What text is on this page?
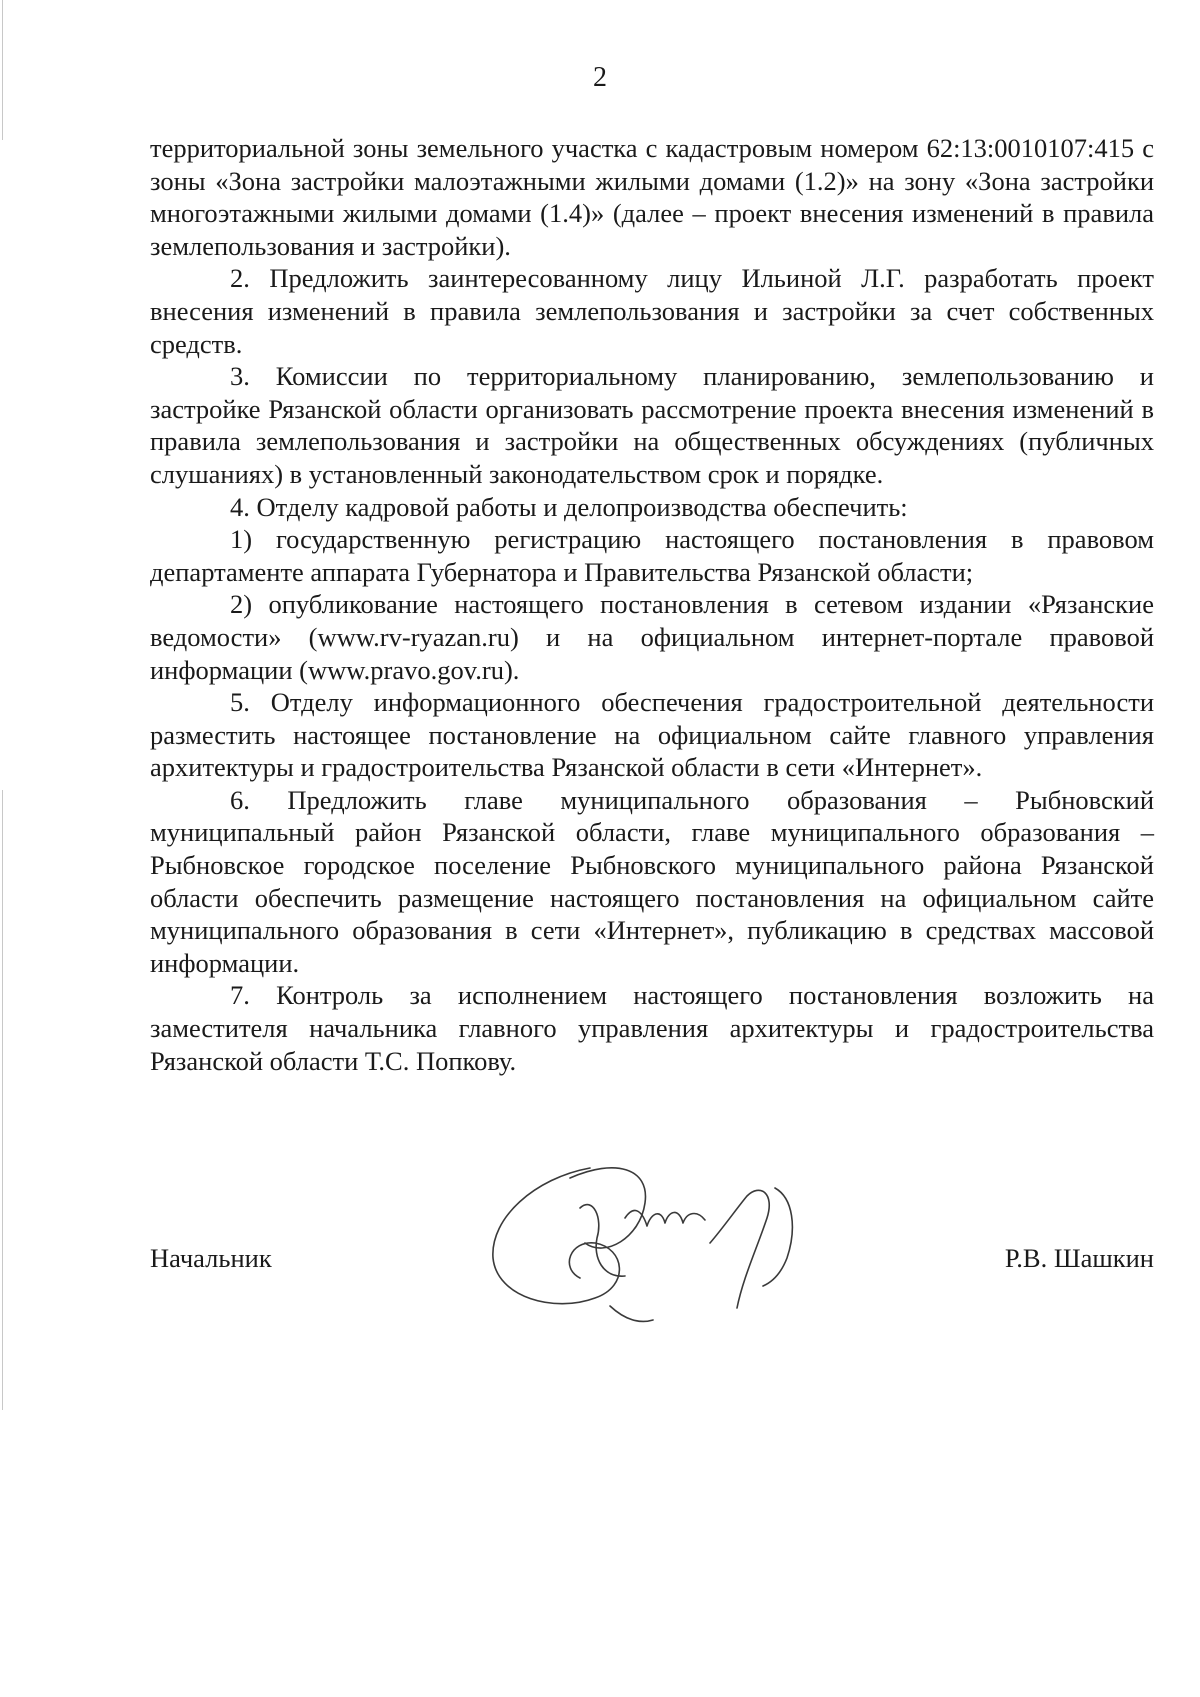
2

территориальной зоны земельного участка с кадастровым номером 62:13:0010107:415 с зоны «Зона застройки малоэтажными жилыми домами (1.2)» на зону «Зона застройки многоэтажными жилыми домами (1.4)» (далее – проект внесения изменений в правила землепользования и застройки).

2. Предложить заинтересованному лицу Ильиной Л.Г. разработать проект внесения изменений в правила землепользования и застройки за счет собственных средств.

3. Комиссии по территориальному планированию, землепользованию и застройке Рязанской области организовать рассмотрение проекта внесения изменений в правила землепользования и застройки на общественных обсуждениях (публичных слушаниях) в установленный законодательством срок и порядке.

4. Отделу кадровой работы и делопроизводства обеспечить:

1) государственную регистрацию настоящего постановления в правовом департаменте аппарата Губернатора и Правительства Рязанской области;

2) опубликование настоящего постановления в сетевом издании «Рязанские ведомости» (www.rv-ryazan.ru) и на официальном интернет-портале правовой информации (www.pravo.gov.ru).

5. Отделу информационного обеспечения градостроительной деятельности разместить настоящее постановление на официальном сайте главного управления архитектуры и градостроительства Рязанской области в сети «Интернет».

6. Предложить главе муниципального образования – Рыбновский муниципальный район Рязанской области, главе муниципального образования – Рыбновское городское поселение Рыбновского муниципального района Рязанской области обеспечить размещение настоящего постановления на официальном сайте муниципального образования в сети «Интернет», публикацию в средствах массовой информации.

7. Контроль за исполнением настоящего постановления возложить на заместителя начальника главного управления архитектуры и градостроительства Рязанской области Т.С. Попкову.

Начальник	Р.В. Шашкин
